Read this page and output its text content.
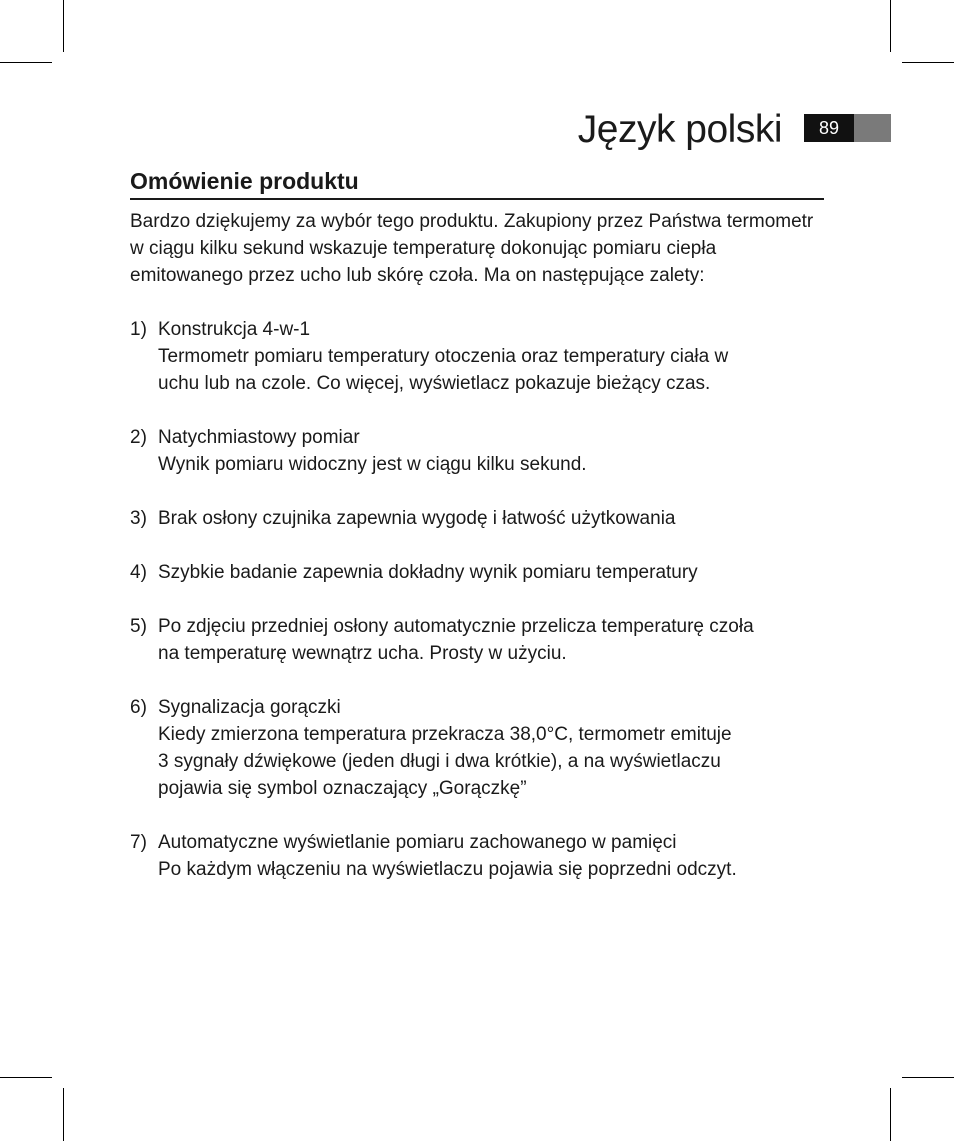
Język polski	89
Omówienie produktu

Bardzo dziękujemy za wybór tego produktu. Zakupiony przez Państwa termometr w ciągu kilku sekund wskazuje temperaturę dokonując pomiaru ciepła emitowanego przez ucho lub skórę czoła. Ma on następujące zalety:

1) Konstrukcja 4-w-1
Termometr pomiaru temperatury otoczenia oraz temperatury ciała w
uchu lub na czole. Co więcej, wyświetlacz pokazuje bieżący czas.
2) Natychmiastowy pomiar
Wynik pomiaru widoczny jest w ciągu kilku sekund.
3) Brak osłony czujnika zapewnia wygodę i łatwość użytkowania
4) Szybkie badanie zapewnia dokładny wynik pomiaru temperatury
5) Po zdjęciu przedniej osłony automatycznie przelicza temperaturę czoła
na temperaturę wewnątrz ucha. Prosty w użyciu.
6) Sygnalizacja gorączki
Kiedy zmierzona temperatura przekracza 38,0°C, termometr emituje
3 sygnały dźwiękowe (jeden długi i dwa krótkie), a na wyświetlaczu
pojawia się symbol oznaczający „Gorączkę”
7) Automatyczne wyświetlanie pomiaru zachowanego w pamięci
Po każdym włączeniu na wyświetlaczu pojawia się poprzedni odczyt.
